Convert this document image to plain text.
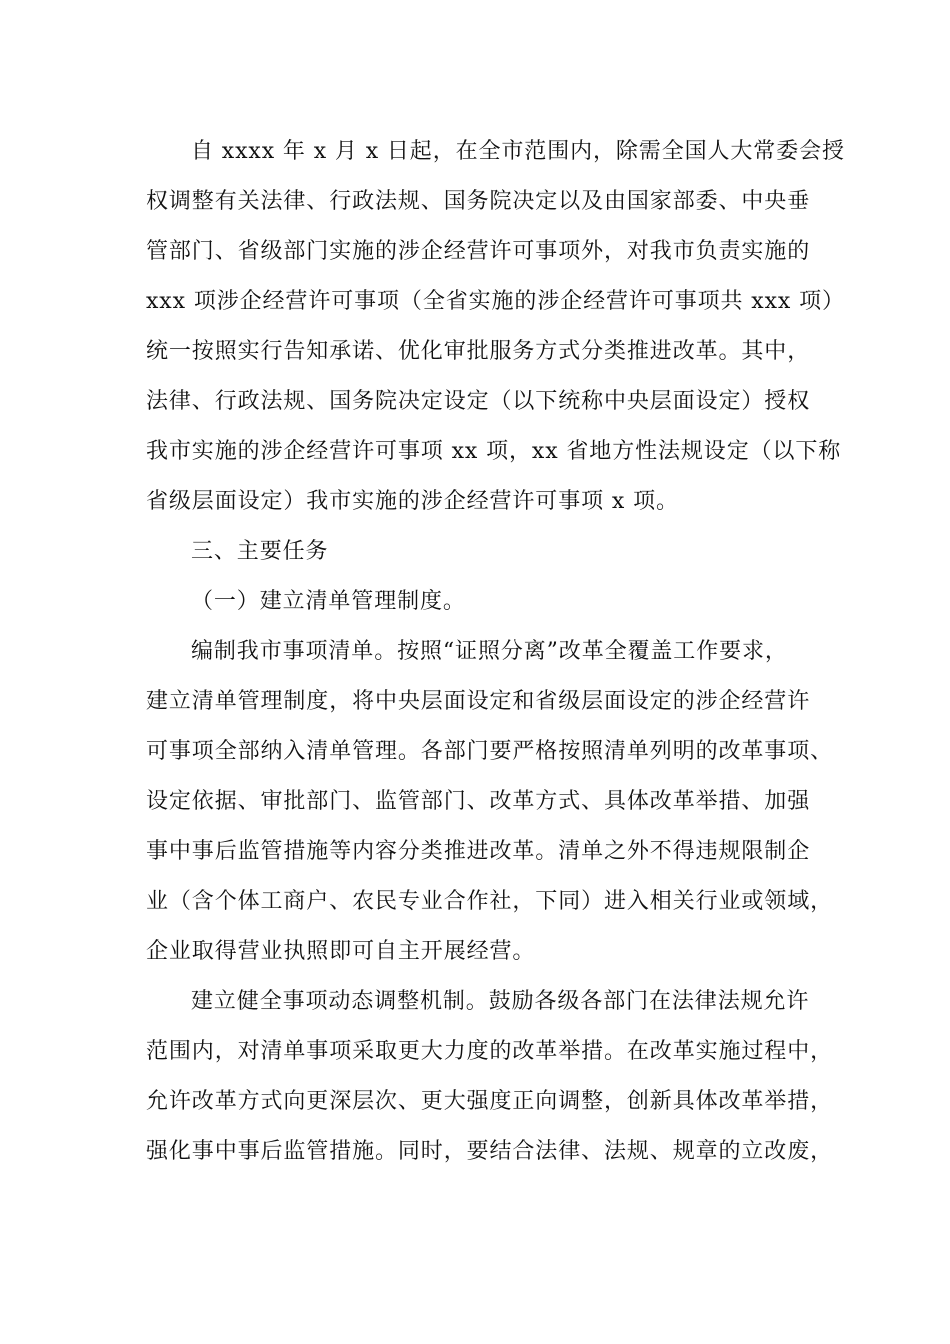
自 xxxx 年 x 月 x 日起，在全市范围内，除需全国人大常委会授

权调整有关法律、行政法规、国务院决定以及由国家部委、中央垂

管部门、省级部门实施的涉企经营许可事项外，对我市负责实施的

xxx 项涉企经营许可事项（全省实施的涉企经营许可事项共 xxx 项）

统一按照实行告知承诺、优化审批服务方式分类推进改革。其中，

法律、行政法规、国务院决定设定（以下统称中央层面设定）授权

我市实施的涉企经营许可事项 xx 项，xx 省地方性法规设定（以下称

省级层面设定）我市实施的涉企经营许可事项 x 项。

三、主要任务
（一）建立清单管理制度。

编制我市事项清单。按照“证照分离”改革全覆盖工作要求，

建立清单管理制度，将中央层面设定和省级层面设定的涉企经营许

可事项全部纳入清单管理。各部门要严格按照清单列明的改革事项、

设定依据、审批部门、监管部门、改革方式、具体改革举措、加强

事中事后监管措施等内容分类推进改革。清单之外不得违规限制企

业（含个体工商户、农民专业合作社，下同）进入相关行业或领域，

企业取得营业执照即可自主开展经营。

建立健全事项动态调整机制。鼓励各级各部门在法律法规允许

范围内，对清单事项采取更大力度的改革举措。在改革实施过程中，

允许改革方式向更深层次、更大强度正向调整，创新具体改革举措，

强化事中事后监管措施。同时，要结合法律、法规、规章的立改废，
